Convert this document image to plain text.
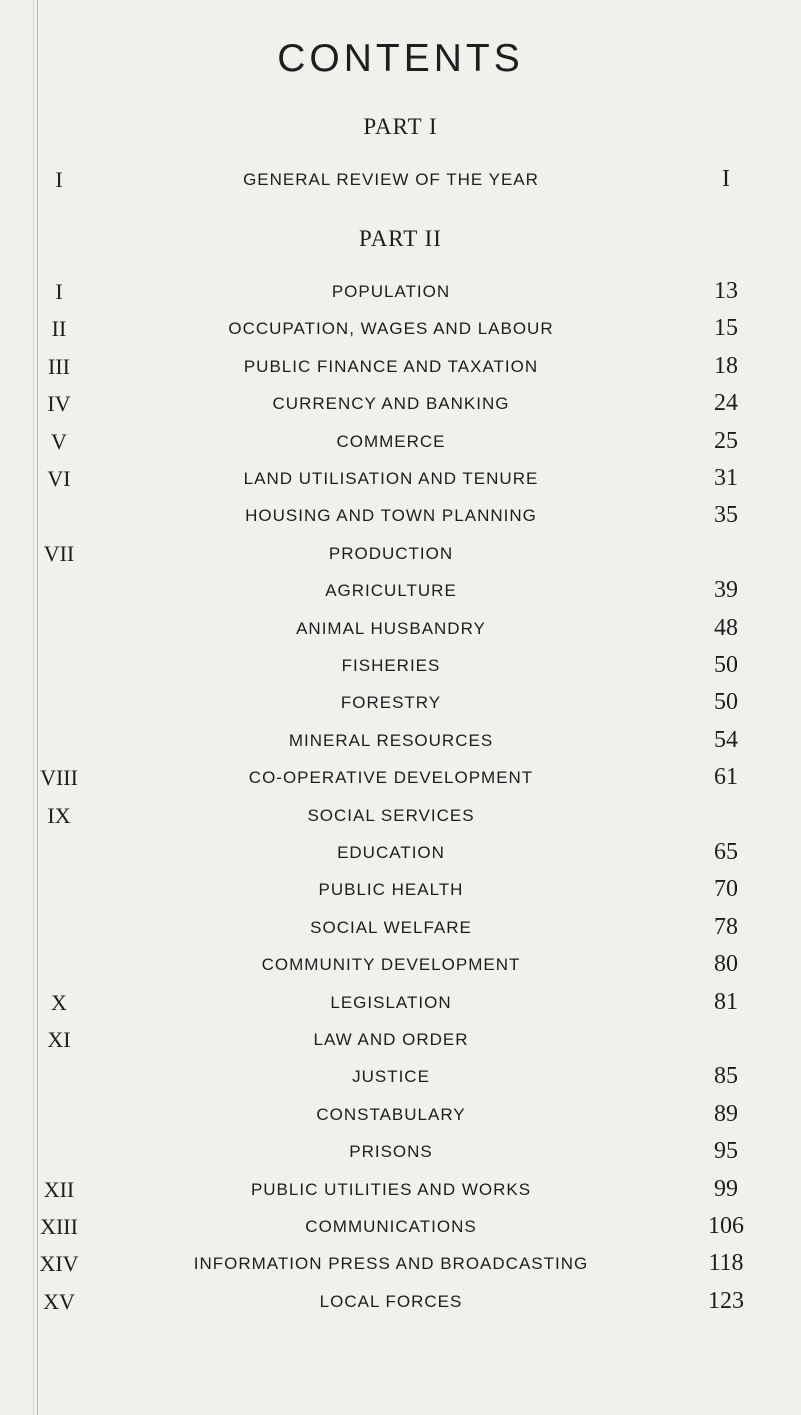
CONTENTS
PART I
I	GENERAL REVIEW OF THE YEAR	I
PART II
I	POPULATION	13
II	OCCUPATION, WAGES AND LABOUR	15
III	PUBLIC FINANCE AND TAXATION	18
IV	CURRENCY AND BANKING	24
V	COMMERCE	25
VI	LAND UTILISATION AND TENURE	31
HOUSING AND TOWN PLANNING	35
VII	PRODUCTION
AGRICULTURE	39
ANIMAL HUSBANDRY	48
FISHERIES	50
FORESTRY	50
MINERAL RESOURCES	54
VIII	CO-OPERATIVE DEVELOPMENT	61
IX	SOCIAL SERVICES
EDUCATION	65
PUBLIC HEALTH	70
SOCIAL WELFARE	78
COMMUNITY DEVELOPMENT	80
X	LEGISLATION	81
XI	LAW AND ORDER
JUSTICE	85
CONSTABULARY	89
PRISONS	95
XII	PUBLIC UTILITIES AND WORKS	99
XIII	COMMUNICATIONS	106
XIV	INFORMATION PRESS AND BROADCASTING	118
XV	LOCAL FORCES	123
